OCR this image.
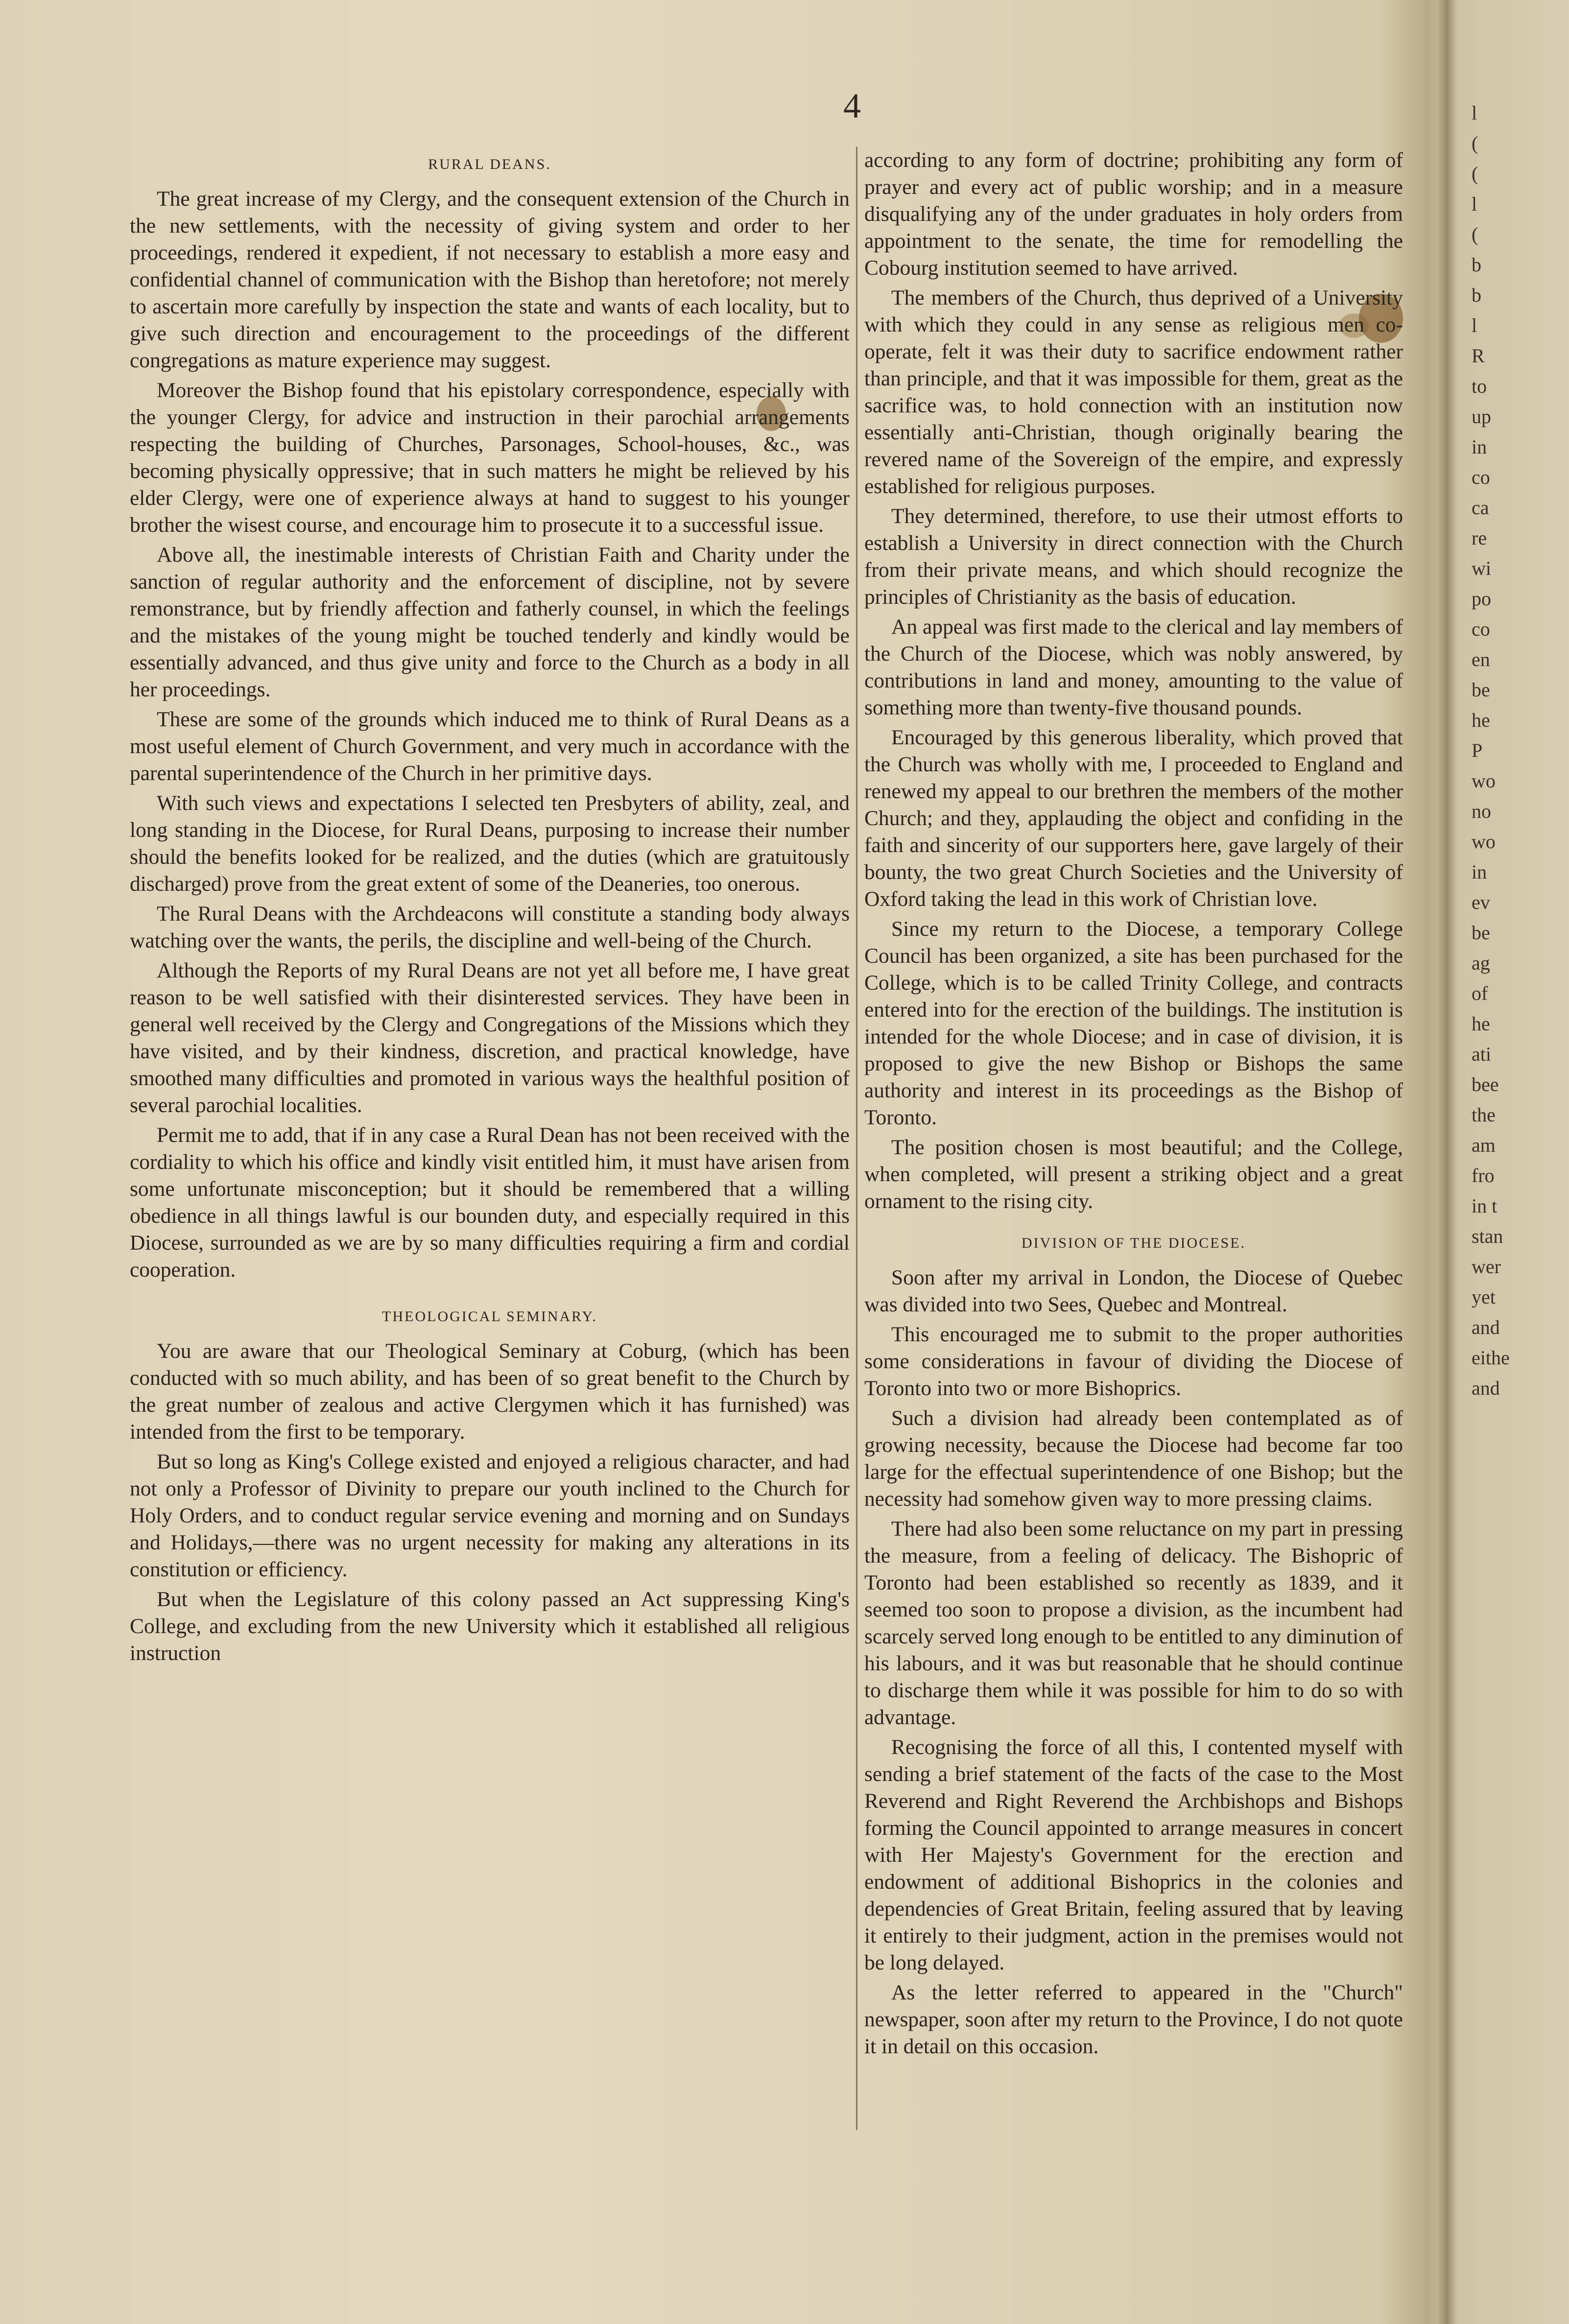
4
RURAL DEANS.

The great increase of my Clergy, and the consequent extension of the Church in the new settlements, with the necessity of giving system and order to her proceedings, rendered it expedient, if not necessary to establish a more easy and confidential channel of communication with the Bishop than heretofore; not merely to ascertain more carefully by inspection the state and wants of each locality, but to give such direction and encouragement to the proceedings of the different congregations as mature experience may suggest.

Moreover the Bishop found that his epistolary correspondence, especially with the younger Clergy, for advice and instruction in their parochial arrangements respecting the building of Churches, Parsonages, School-houses, &c., was becoming physically oppressive; that in such matters he might be relieved by his elder Clergy, were one of experience always at hand to suggest to his younger brother the wisest course, and encourage him to prosecute it to a successful issue.

Above all, the inestimable interests of Christian Faith and Charity under the sanction of regular authority and the enforcement of discipline, not by severe remonstrance, but by friendly affection and fatherly counsel, in which the feelings and the mistakes of the young might be touched tenderly and kindly would be essentially advanced, and thus give unity and force to the Church as a body in all her proceedings.

These are some of the grounds which induced me to think of Rural Deans as a most useful element of Church Government, and very much in accordance with the parental superintendence of the Church in her primitive days.

With such views and expectations I selected ten Presbyters of ability, zeal, and long standing in the Diocese, for Rural Deans, purposing to increase their number should the benefits looked for be realized, and the duties (which are gratuitously discharged) prove from the great extent of some of the Deaneries, too onerous.

The Rural Deans with the Archdeacons will constitute a standing body always watching over the wants, the perils, the discipline and well-being of the Church.

Although the Reports of my Rural Deans are not yet all before me, I have great reason to be well satisfied with their disinterested services. They have been in general well received by the Clergy and Congregations of the Missions which they have visited, and by their kindness, discretion, and practical knowledge, have smoothed many difficulties and promoted in various ways the healthful position of several parochial localities.

Permit me to add, that if in any case a Rural Dean has not been received with the cordiality to which his office and kindly visit entitled him, it must have arisen from some unfortunate misconception; but it should be remembered that a willing obedience in all things lawful is our bounden duty, and especially required in this Diocese, surrounded as we are by so many difficulties requiring a firm and cordial cooperation.

THEOLOGICAL SEMINARY.

You are aware that our Theological Seminary at Coburg, (which has been conducted with so much ability, and has been of so great benefit to the Church by the great number of zealous and active Clergymen which it has furnished) was intended from the first to be temporary.

But so long as King's College existed and enjoyed a religious character, and had not only a Professor of Divinity to prepare our youth inclined to the Church for Holy Orders, and to conduct regular service evening and morning and on Sundays and Holidays,—there was no urgent necessity for making any alterations in its constitution or efficiency.

But when the Legislature of this colony passed an Act suppressing King's College, and excluding from the new University which it established all religious instruction

according to any form of doctrine; prohibiting any form of prayer and every act of public worship; and in a measure disqualifying any of the under graduates in holy orders from appointment to the senate, the time for remodelling the Cobourg institution seemed to have arrived.

The members of the Church, thus deprived of a University with which they could in any sense as religious men co-operate, felt it was their duty to sacrifice endowment rather than principle, and that it was impossible for them, great as the sacrifice was, to hold connection with an institution now essentially anti-Christian, though originally bearing the revered name of the Sovereign of the empire, and expressly established for religious purposes.

They determined, therefore, to use their utmost efforts to establish a University in direct connection with the Church from their private means, and which should recognize the principles of Christianity as the basis of education.

An appeal was first made to the clerical and lay members of the Church of the Diocese, which was nobly answered, by contributions in land and money, amounting to the value of something more than twenty-five thousand pounds.

Encouraged by this generous liberality, which proved that the Church was wholly with me, I proceeded to England and renewed my appeal to our brethren the members of the mother Church; and they, applauding the object and confiding in the faith and sincerity of our supporters here, gave largely of their bounty, the two great Church Societies and the University of Oxford taking the lead in this work of Christian love.

Since my return to the Diocese, a temporary College Council has been organized, a site has been purchased for the College, which is to be called Trinity College, and contracts entered into for the erection of the buildings. The institution is intended for the whole Diocese; and in case of division, it is proposed to give the new Bishop or Bishops the same authority and interest in its proceedings as the Bishop of Toronto.

The position chosen is most beautiful; and the College, when completed, will present a striking object and a great ornament to the rising city.

DIVISION OF THE DIOCESE.

Soon after my arrival in London, the Diocese of Quebec was divided into two Sees, Quebec and Montreal.

This encouraged me to submit to the proper authorities some considerations in favour of dividing the Diocese of Toronto into two or more Bishoprics.

Such a division had already been contemplated as of growing necessity, because the Diocese had become far too large for the effectual superintendence of one Bishop; but the necessity had somehow given way to more pressing claims.

There had also been some reluctance on my part in pressing the measure, from a feeling of delicacy. The Bishopric of Toronto had been established so recently as 1839, and it seemed too soon to propose a division, as the incumbent had scarcely served long enough to be entitled to any diminution of his labours, and it was but reasonable that he should continue to discharge them while it was possible for him to do so with advantage.

Recognising the force of all this, I contented myself with sending a brief statement of the facts of the case to the Most Reverend and Right Reverend the Archbishops and Bishops forming the Council appointed to arrange measures in concert with Her Majesty's Government for the erection and endowment of additional Bishoprics in the colonies and dependencies of Great Britain, feeling assured that by leaving it entirely to their judgment, action in the premises would not be long delayed.

As the letter referred to appeared in the "Church" newspaper, soon after my return to the Province, I do not quote it in detail on this occasion.

l
(
(
l
(
b
b
l
R
to
up
in
co
ca
re
wi
po
co
en
be
he
P
wo
no
wo
in
ev
be
ag
of
he
ati
bee
the
am
fro
in t
stan
wer
yet
and
eithe
and
